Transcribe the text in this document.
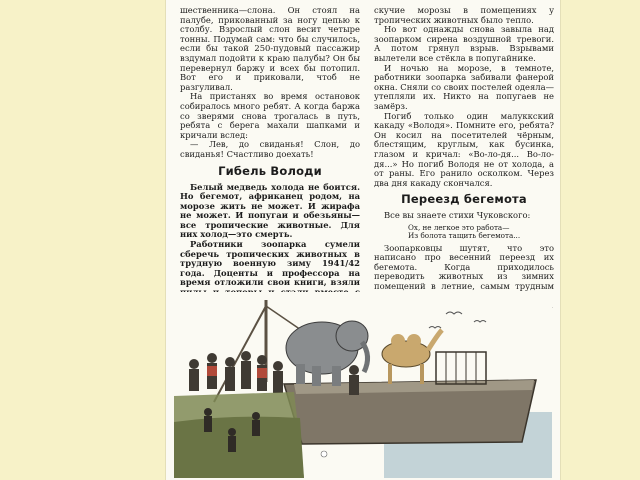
шественника—слона. Он стоял на палубе, прикованный за ногу цепью к столбу. Взрослый слон весит четыре тонны. Подумай сам: что бы случилось, если бы такой 250-пудовый пассажир вздумал подойти к краю палубы? Он бы перевернул баржу и всех бы потопил. Вот его и приковали, чтоб не разгуливал.

На пристанях во время остановок собиралось много ребят. А когда баржа со зверями снова трогалась в путь, ребята с берега махали шапками и кричали вслед:

— Лев, до свиданья! Слон, до свиданья! Счастливо доехать!

Гибель Володи

Белый медведь холода не боится. Но бегемот, африканец родом, на морозе жить не может. И жирафа не может. И попугаи и обезьяны—все тропические животные. Для них холод—это смерть.

Работники зоопарка сумели сберечь тропических животных в трудную военную зиму 1941/42 года. Доценты и профессора на время отложили свои книги, взяли

скучие морозы в помещениях у тропических животных было тепло.

Но вот однажды снова завыла над зоопарком сирена воздушной тревоги. А потом грянул взрыв. Взрывами вылетели все стёкла в попугайнике.

И ночью на морозе, в темноте, работники зоопарка забивали фанерой окна. Сняли со своих постелей одеяла—утепляли их. Никто на попугаев не замёрз.

Погиб только один малуккский какаду «Володя». Помните его, ребята? Он косил на посетителей чёрным, блестящим, круглым, как бусинка, глазом и кричал: «Во-ло-дя... Во-ло-дя...» Но погиб Володя не от холода, а от раны. Его ранило осколком. Через два дня какаду скончался.

Переезд бегемота

Все вы знаете стихи Чуковского:

Ох, не легкое это работа—
Из болота тащить бегемота...

Зоопарковцы шутят, что это написано про весенний переезд их бегемота. Когда приходилось переводить животных из зимних помещений в летние, самым трудным
